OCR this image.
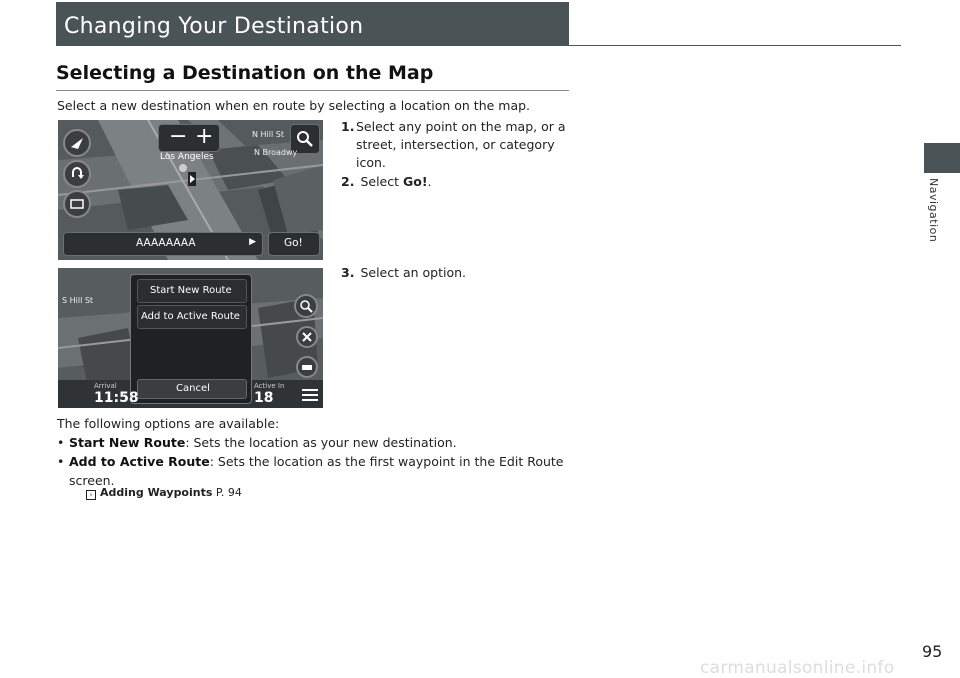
Changing Your Destination
Selecting a Destination on the Map
Select a new destination when en route by selecting a location on the map.
Navigation
− +
Los Angeles
N Hill St
N Broadwy
AAAAAAAA	▶	Go!
1. Select any point on the map, or a street, intersection, or category icon.
2. Select Go!.
3. Select an option.
S Hill St
Start New Route
Add to Active Route
Cancel
Arrival
11:58
Active In
18
The following options are available:
• Start New Route: Sets the location as your new destination.
• Add to Active Route: Sets the location as the first waypoint in the Edit Route
screen.
› Adding Waypoints P. 94
95
carmanualsonline.info
